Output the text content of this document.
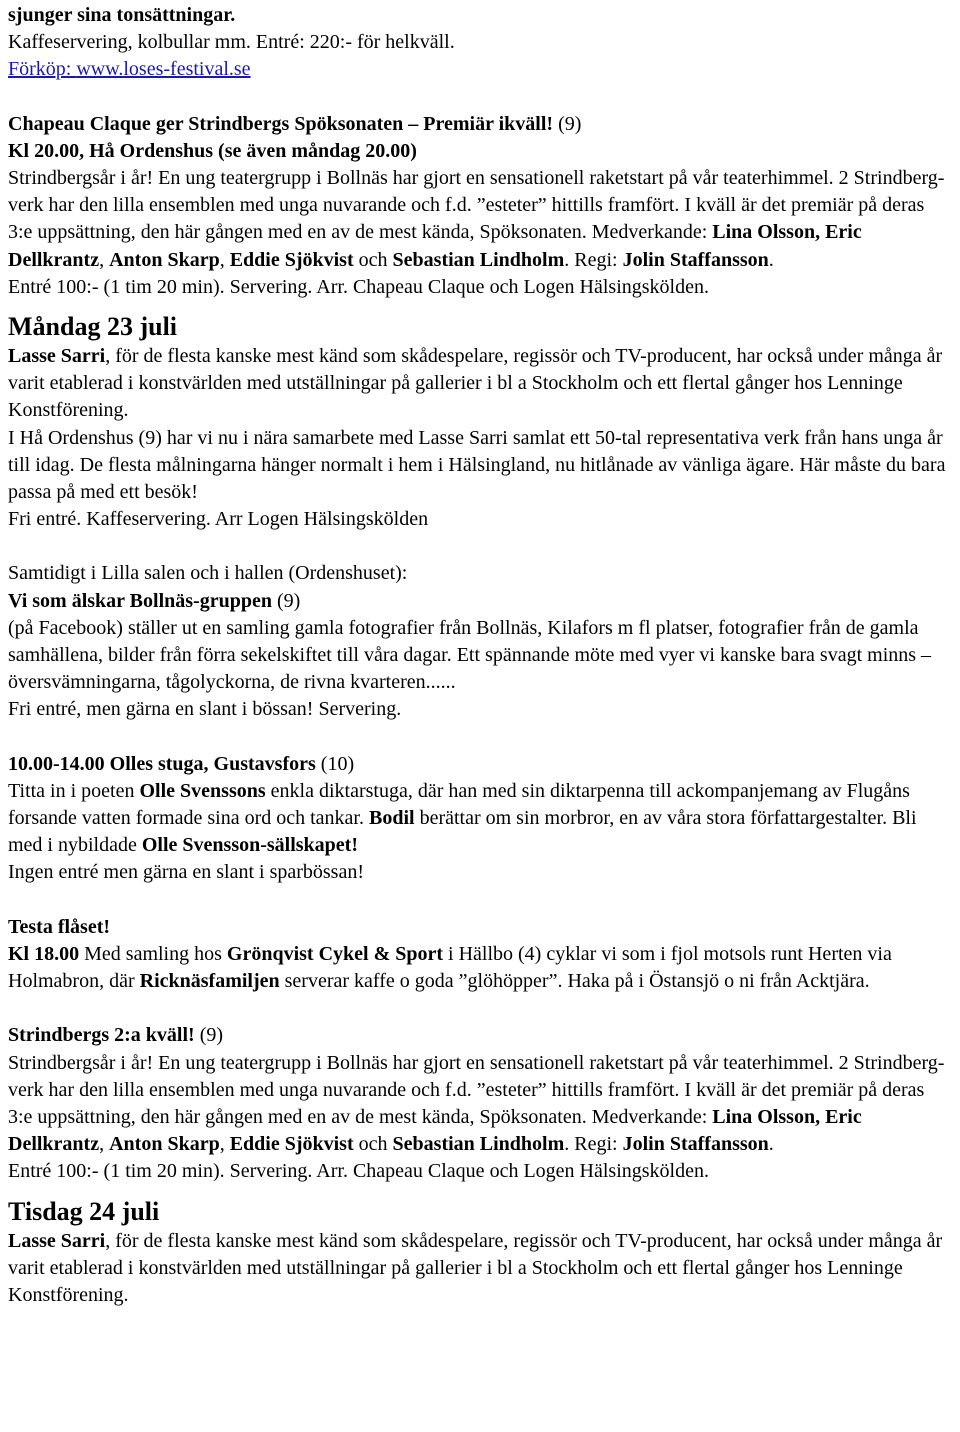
sjunger sina tonsättningar.

Kaffeservering, kolbullar mm. Entré: 220:- för helkväll.

Förköp: www.loses-festival.se

Chapeau Claque ger Strindbergs Spöksonaten – Premiär ikväll! (9)

Kl 20.00, Hå Ordenshus (se även måndag 20.00)

Strindbergsår i år! En ung teatergrupp i Bollnäs har gjort en sensationell raketstart på vår teaterhimmel. 2 Strindberg-verk har den lilla ensemblen med unga nuvarande och f.d. ”esteter” hittills framfört. I kväll är det premiär på deras 3:e uppsättning, den här gången med en av de mest kända, Spöksonaten. Medverkande: Lina Olsson, Eric Dellkrantz, Anton Skarp, Eddie Sjökvist och Sebastian Lindholm. Regi: Jolin Staffansson.

Entré 100:- (1 tim 20 min). Servering. Arr. Chapeau Claque och Logen Hälsingskölden.

Måndag 23 juli

Lasse Sarri, för de flesta kanske mest känd som skådespelare, regissör och TV-producent, har också under många år varit etablerad i konstvärlden med utställningar på gallerier i bl a Stockholm och ett flertal gånger hos Lenninge Konstförening.

I Hå Ordenshus (9) har vi nu i nära samarbete med Lasse Sarri samlat ett 50-tal representativa verk från hans unga år till idag. De flesta målningarna hänger normalt i hem i Hälsingland, nu hitlånade av vänliga ägare. Här måste du bara passa på med ett besök!

Fri entré. Kaffeservering. Arr Logen Hälsingskölden

Samtidigt i Lilla salen och i hallen (Ordenshuset):

Vi som älskar Bollnäs-gruppen (9)

(på Facebook) ställer ut en samling gamla fotografier från Bollnäs, Kilafors m fl platser, fotografier från de gamla samhällena, bilder från förra sekelskiftet till våra dagar. Ett spännande möte med vyer vi kanske bara svagt minns – översvämningarna, tågolyckorna, de rivna kvarteren......

Fri entré, men gärna en slant i bössan! Servering.

10.00-14.00 Olles stuga, Gustavsfors (10)

Titta in i poeten Olle Svenssons enkla diktarstuga, där han med sin diktarpenna till ackompanjemang av Flugåns forsande vatten formade sina ord och tankar. Bodil berättar om sin morbror, en av våra stora författargestalter. Bli med i nybildade Olle Svensson-sällskapet!

Ingen entré men gärna en slant i sparbössan!

Testa flåset!

Kl 18.00 Med samling hos Grönqvist Cykel & Sport i Hällbo (4) cyklar vi som i fjol motsols runt Herten via Holmabron, där Ricknäsfamiljen serverar kaffe o goda ”glöhöpper”. Haka på i Östansjö o ni från Acktjära.

Strindbergs 2:a kväll! (9)

Strindbergsår i år! En ung teatergrupp i Bollnäs har gjort en sensationell raketstart på vår teaterhimmel. 2 Strindberg-verk har den lilla ensemblen med unga nuvarande och f.d. ”esteter” hittills framfört. I kväll är det premiär på deras 3:e uppsättning, den här gången med en av de mest kända, Spöksonaten. Medverkande: Lina Olsson, Eric Dellkrantz, Anton Skarp, Eddie Sjökvist och Sebastian Lindholm. Regi: Jolin Staffansson.

Entré 100:- (1 tim 20 min). Servering. Arr. Chapeau Claque och Logen Hälsingskölden.

Tisdag 24 juli

Lasse Sarri, för de flesta kanske mest känd som skådespelare, regissör och TV-producent, har också under många år varit etablerad i konstvärlden med utställningar på gallerier i bl a Stockholm och ett flertal gånger hos Lenninge Konstförening.
